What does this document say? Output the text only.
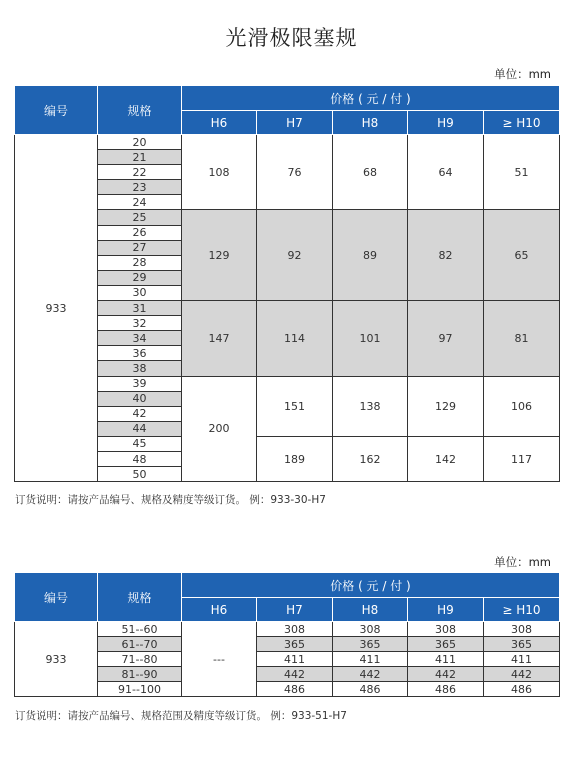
光滑极限塞规
单位：mm
编号	规格	价格 ( 元 / 付 )				
		H6	H7	H8	H9	≥ H10
933	20	108	76	68	64	51
	21					
	22					
	23					
	24					
	25	129	92	89	82	65
	26					
	27					
	28					
	29					
	30					
	31	147	114	101	97	81
	32					
	34					
	36					
	38					
	39	200	151	138	129	106
	40					
	42					
	44					
	45		189	162	142	117
	48					
	50					
订货说明：请按产品编号、规格及精度等级订货。 例：933-30-H7
单位：mm
编号	规格	价格 ( 元 / 付 )				
		H6	H7	H8	H9	≥ H10
933	51--60	---	308	308	308	308
	61--70		365	365	365	365
	71--80		411	411	411	411
	81--90		442	442	442	442
	91--100		486	486	486	486
订货说明：请按产品编号、规格范围及精度等级订货。 例：933-51-H7
